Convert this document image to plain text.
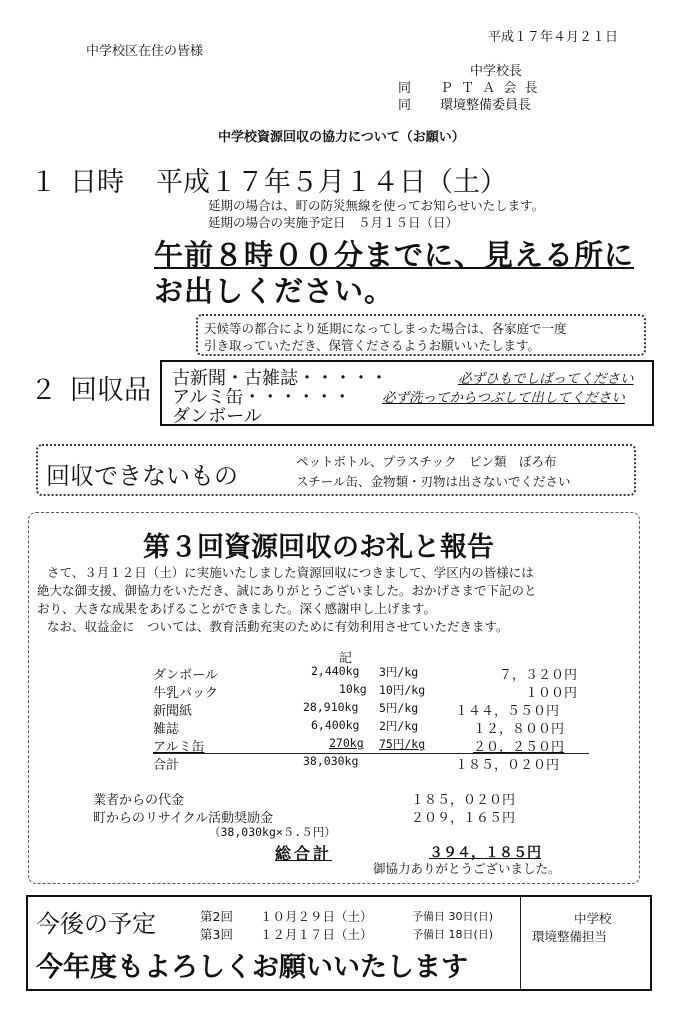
平成１７年４月２１日
中学校区在住の皆様
中学校長
同 Ｐ Ｔ Ａ 会 長
同 環境整備委員長
中学校資源回収の協力について（お願い）
１ 日時 平成１７年５月１４日（土）
延期の場合は、町の防災無線を使ってお知らせいたします。
延期の場合の実施予定日　５月１５日（日）
午前８時００分までに、見える所に
お出しください。
天候等の都合により延期になってしまった場合は、各家庭で一度
引き取っていただき、保管くださるようお願いいたします。
２ 回収品 古新聞・古雑誌・・・・・	必ずひもでしばってください
アルミ缶・・・・・・ 必ず洗ってからつぶして出してください
ダンボール
回収できないもの
ペットボトル、プラスチック　ビン類　ぼろ布
スチール缶、金物類・刃物は出さないでください
第３回資源回収のお礼と報告
さて、３月１２日（土）に実施いたしました資源回収につきまして、学区内の皆様には
絶大な御支援、御協力をいただき、誠にありがとうございました。おかげさまで下記のと
おり、大きな成果をあげることができました。深く感謝申し上げます。
なお、収益金に　ついては、教育活動充実のために有効利用させていただきます。
記
ダンボール	2,440kg 3円/kg	７，３２０円
牛乳パック	10kg 10円/kg	１００円
新聞紙	28,910kg 5円/kg	１４４，５５０円
雑誌	6,400kg 2円/kg	１２，８００円
アルミ缶	270kg 75円/kg	２０，２５０円
合計	38,030kg	１８５，０２０円
業者からの代金	１８５，０２０円
町からのリサイクル活動奨励金	２０９，１６５円
（38,030kg×５.５円）
総合計	３９４，１８５円
御協力ありがとうございました。
今後の予定	第2回 １０月２９日（土）	予備日 30日(日)
第3回 １２月１７日（土）	予備日 18日(日)
今年度もよろしくお願いいたします
中学校
環境整備担当
